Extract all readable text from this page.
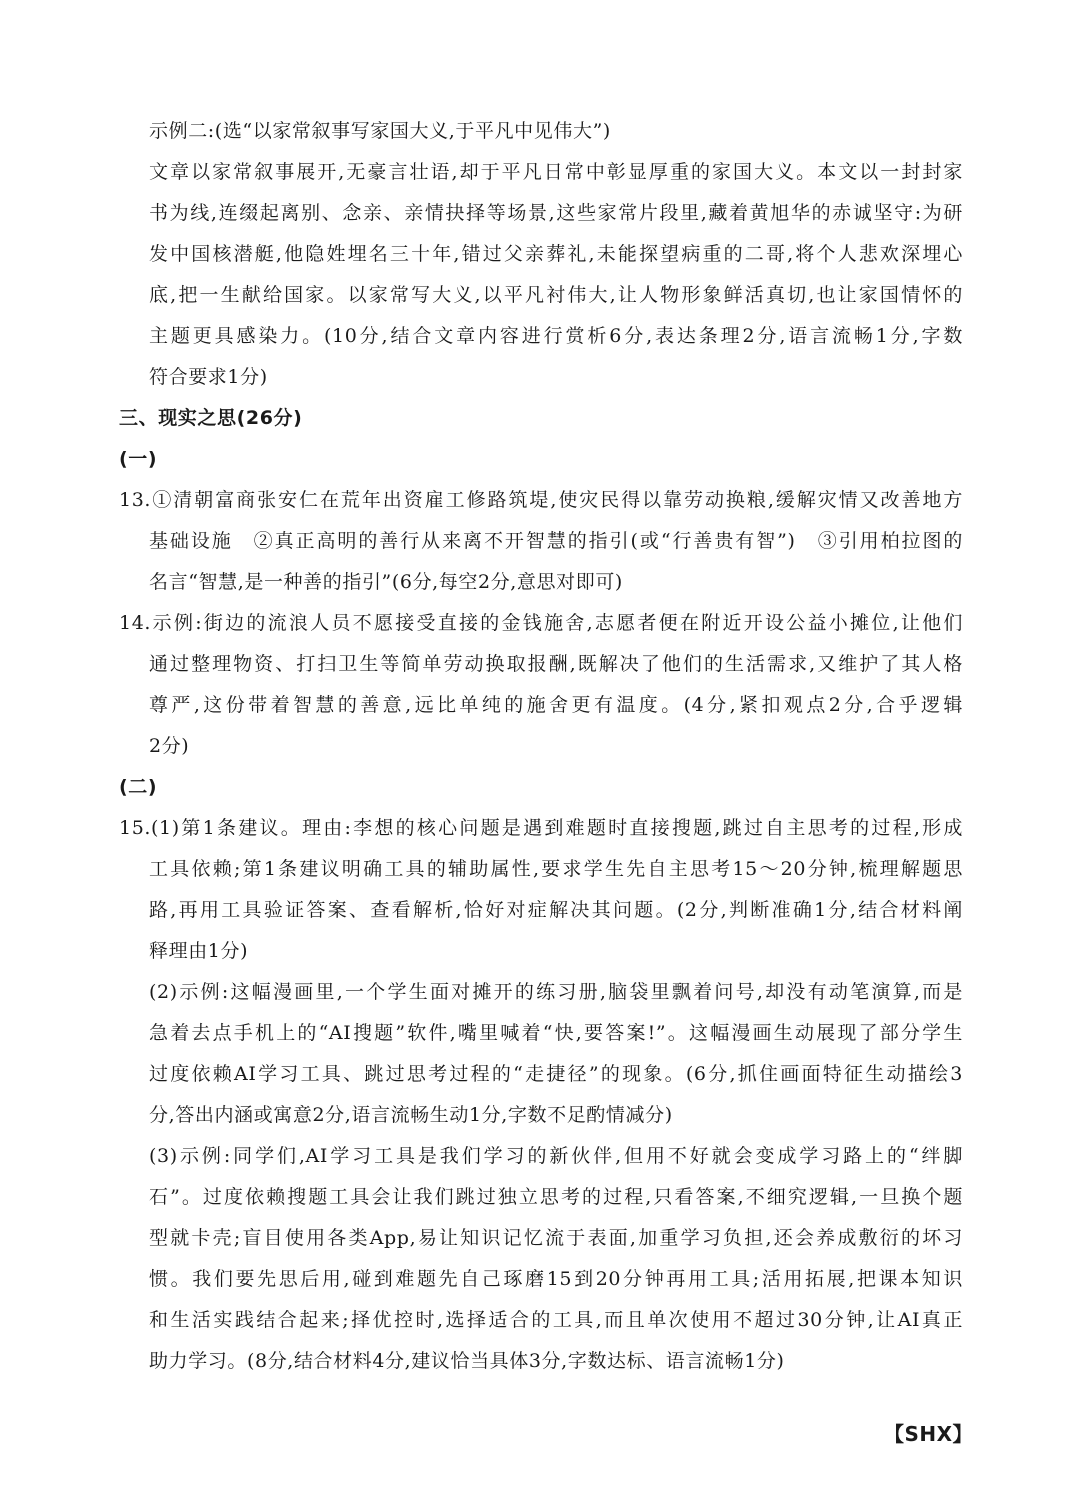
示例二:(选“以家常叙事写家国大义,于平凡中见伟大”)
文章以家常叙事展开,无豪言壮语,却于平凡日常中彰显厚重的家国大义。本文以一封封家
书为线,连缀起离别、念亲、亲情抉择等场景,这些家常片段里,藏着黄旭华的赤诚坚守:为研
发中国核潜艇,他隐姓埋名三十年,错过父亲葬礼,未能探望病重的二哥,将个人悲欢深埋心
底,把一生献给国家。以家常写大义,以平凡衬伟大,让人物形象鲜活真切,也让家国情怀的
主题更具感染力。(10分,结合文章内容进行赏析6分,表达条理2分,语言流畅1分,字数
符合要求1分)
三、现实之思(26分)
(一)
13.①清朝富商张安仁在荒年出资雇工修路筑堤,使灾民得以靠劳动换粮,缓解灾情又改善地方
基础设施　②真正高明的善行从来离不开智慧的指引(或“行善贵有智”)　③引用柏拉图的
名言“智慧,是一种善的指引”(6分,每空2分,意思对即可)
14.示例:街边的流浪人员不愿接受直接的金钱施舍,志愿者便在附近开设公益小摊位,让他们
通过整理物资、打扫卫生等简单劳动换取报酬,既解决了他们的生活需求,又维护了其人格
尊严,这份带着智慧的善意,远比单纯的施舍更有温度。(4分,紧扣观点2分,合乎逻辑
2分)
(二)
15.(1)第1条建议。理由:李想的核心问题是遇到难题时直接搜题,跳过自主思考的过程,形成
工具依赖;第1条建议明确工具的辅助属性,要求学生先自主思考15～20分钟,梳理解题思
路,再用工具验证答案、查看解析,恰好对症解决其问题。(2分,判断准确1分,结合材料阐
释理由1分)
(2)示例:这幅漫画里,一个学生面对摊开的练习册,脑袋里飘着问号,却没有动笔演算,而是
急着去点手机上的“AI搜题”软件,嘴里喊着“快,要答案!”。这幅漫画生动展现了部分学生
过度依赖AI学习工具、跳过思考过程的“走捷径”的现象。(6分,抓住画面特征生动描绘3
分,答出内涵或寓意2分,语言流畅生动1分,字数不足酌情减分)
(3)示例:同学们,AI学习工具是我们学习的新伙伴,但用不好就会变成学习路上的“绊脚
石”。过度依赖搜题工具会让我们跳过独立思考的过程,只看答案,不细究逻辑,一旦换个题
型就卡壳;盲目使用各类App,易让知识记忆流于表面,加重学习负担,还会养成敷衍的坏习
惯。我们要先思后用,碰到难题先自己琢磨15到20分钟再用工具;活用拓展,把课本知识
和生活实践结合起来;择优控时,选择适合的工具,而且单次使用不超过30分钟,让AI真正
助力学习。(8分,结合材料4分,建议恰当具体3分,字数达标、语言流畅1分)
【SHX】
